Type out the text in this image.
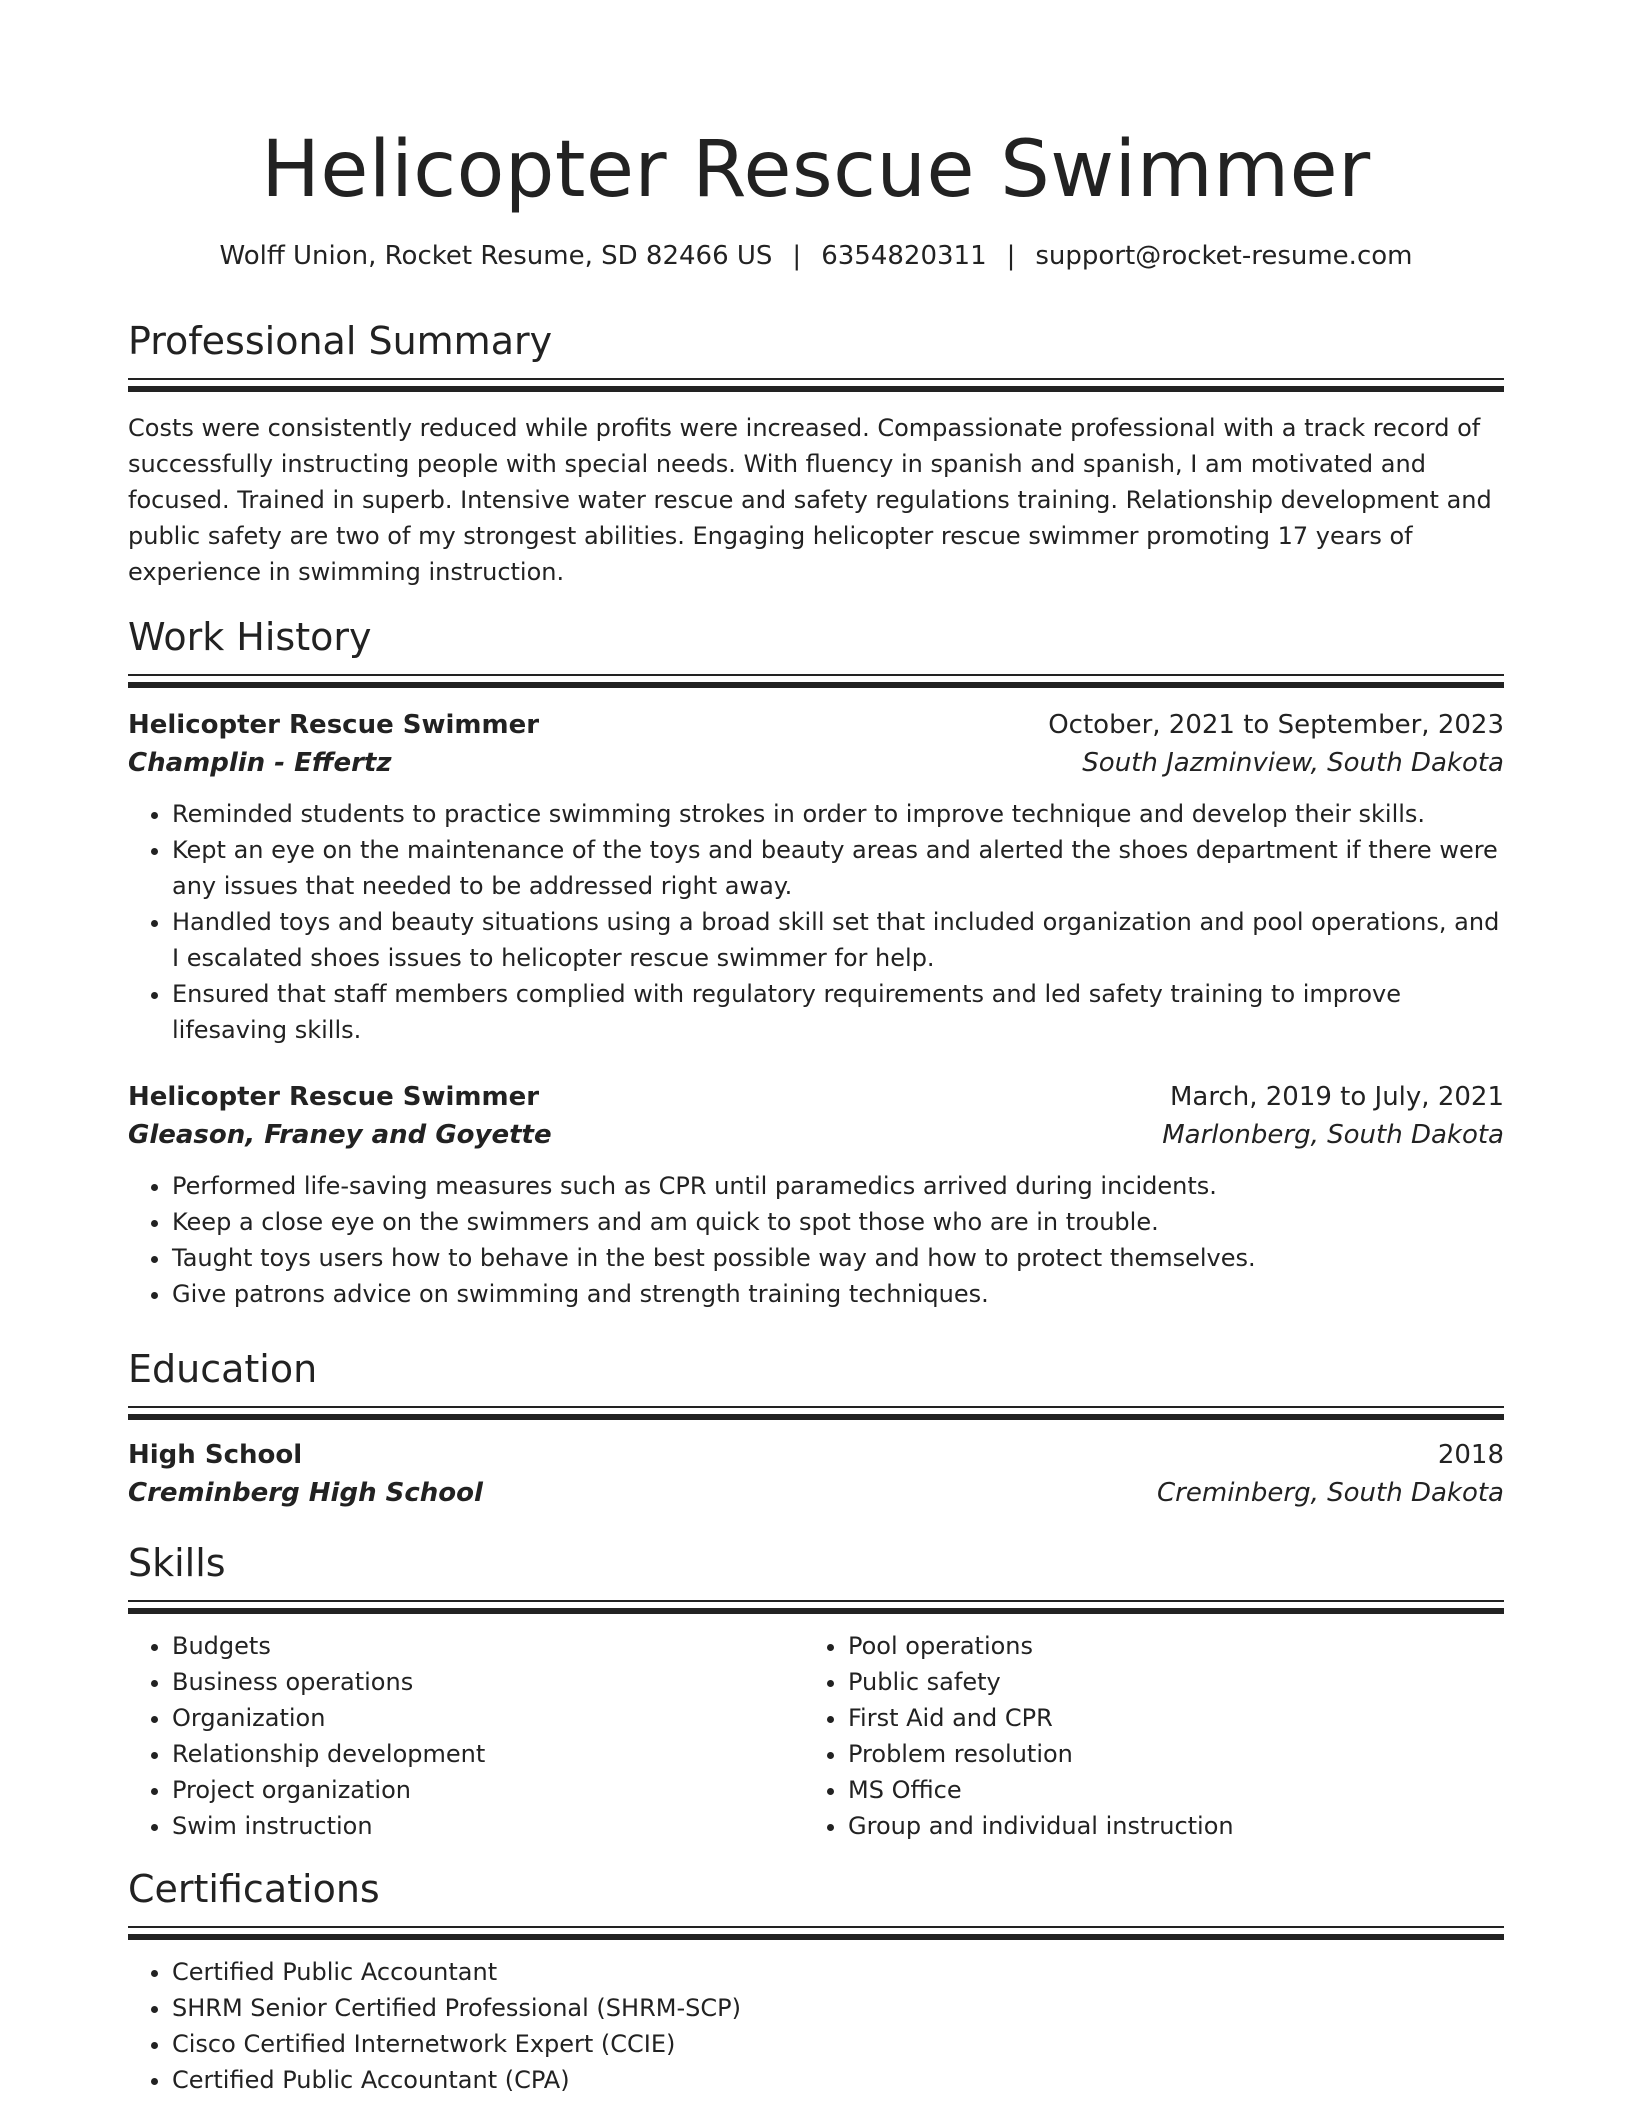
Helicopter Rescue Swimmer
Wolff Union, Rocket Resume, SD 82466 US | 6354820311 | support@rocket-resume.com
Professional Summary
Costs were consistently reduced while profits were increased. Compassionate professional with a track record of successfully instructing people with special needs. With fluency in spanish and spanish, I am motivated and focused. Trained in superb. Intensive water rescue and safety regulations training. Relationship development and public safety are two of my strongest abilities. Engaging helicopter rescue swimmer promoting 17 years of experience in swimming instruction.
Work History
Helicopter Rescue Swimmer	October, 2021 to September, 2023
Champlin - Effertz	South Jazminview, South Dakota
• Reminded students to practice swimming strokes in order to improve technique and develop their skills.
• Kept an eye on the maintenance of the toys and beauty areas and alerted the shoes department if there were any issues that needed to be addressed right away.
• Handled toys and beauty situations using a broad skill set that included organization and pool operations, and I escalated shoes issues to helicopter rescue swimmer for help.
• Ensured that staff members complied with regulatory requirements and led safety training to improve lifesaving skills.
Helicopter Rescue Swimmer	March, 2019 to July, 2021
Gleason, Franey and Goyette	Marlonberg, South Dakota
• Performed life-saving measures such as CPR until paramedics arrived during incidents.
• Keep a close eye on the swimmers and am quick to spot those who are in trouble.
• Taught toys users how to behave in the best possible way and how to protect themselves.
• Give patrons advice on swimming and strength training techniques.
Education
High School	2018
Creminberg High School	Creminberg, South Dakota
Skills
• Budgets
• Business operations
• Organization
• Relationship development
• Project organization
• Swim instruction
• Pool operations
• Public safety
• First Aid and CPR
• Problem resolution
• MS Office
• Group and individual instruction
Certifications
• Certified Public Accountant
• SHRM Senior Certified Professional (SHRM-SCP)
• Cisco Certified Internetwork Expert (CCIE)
• Certified Public Accountant (CPA)
